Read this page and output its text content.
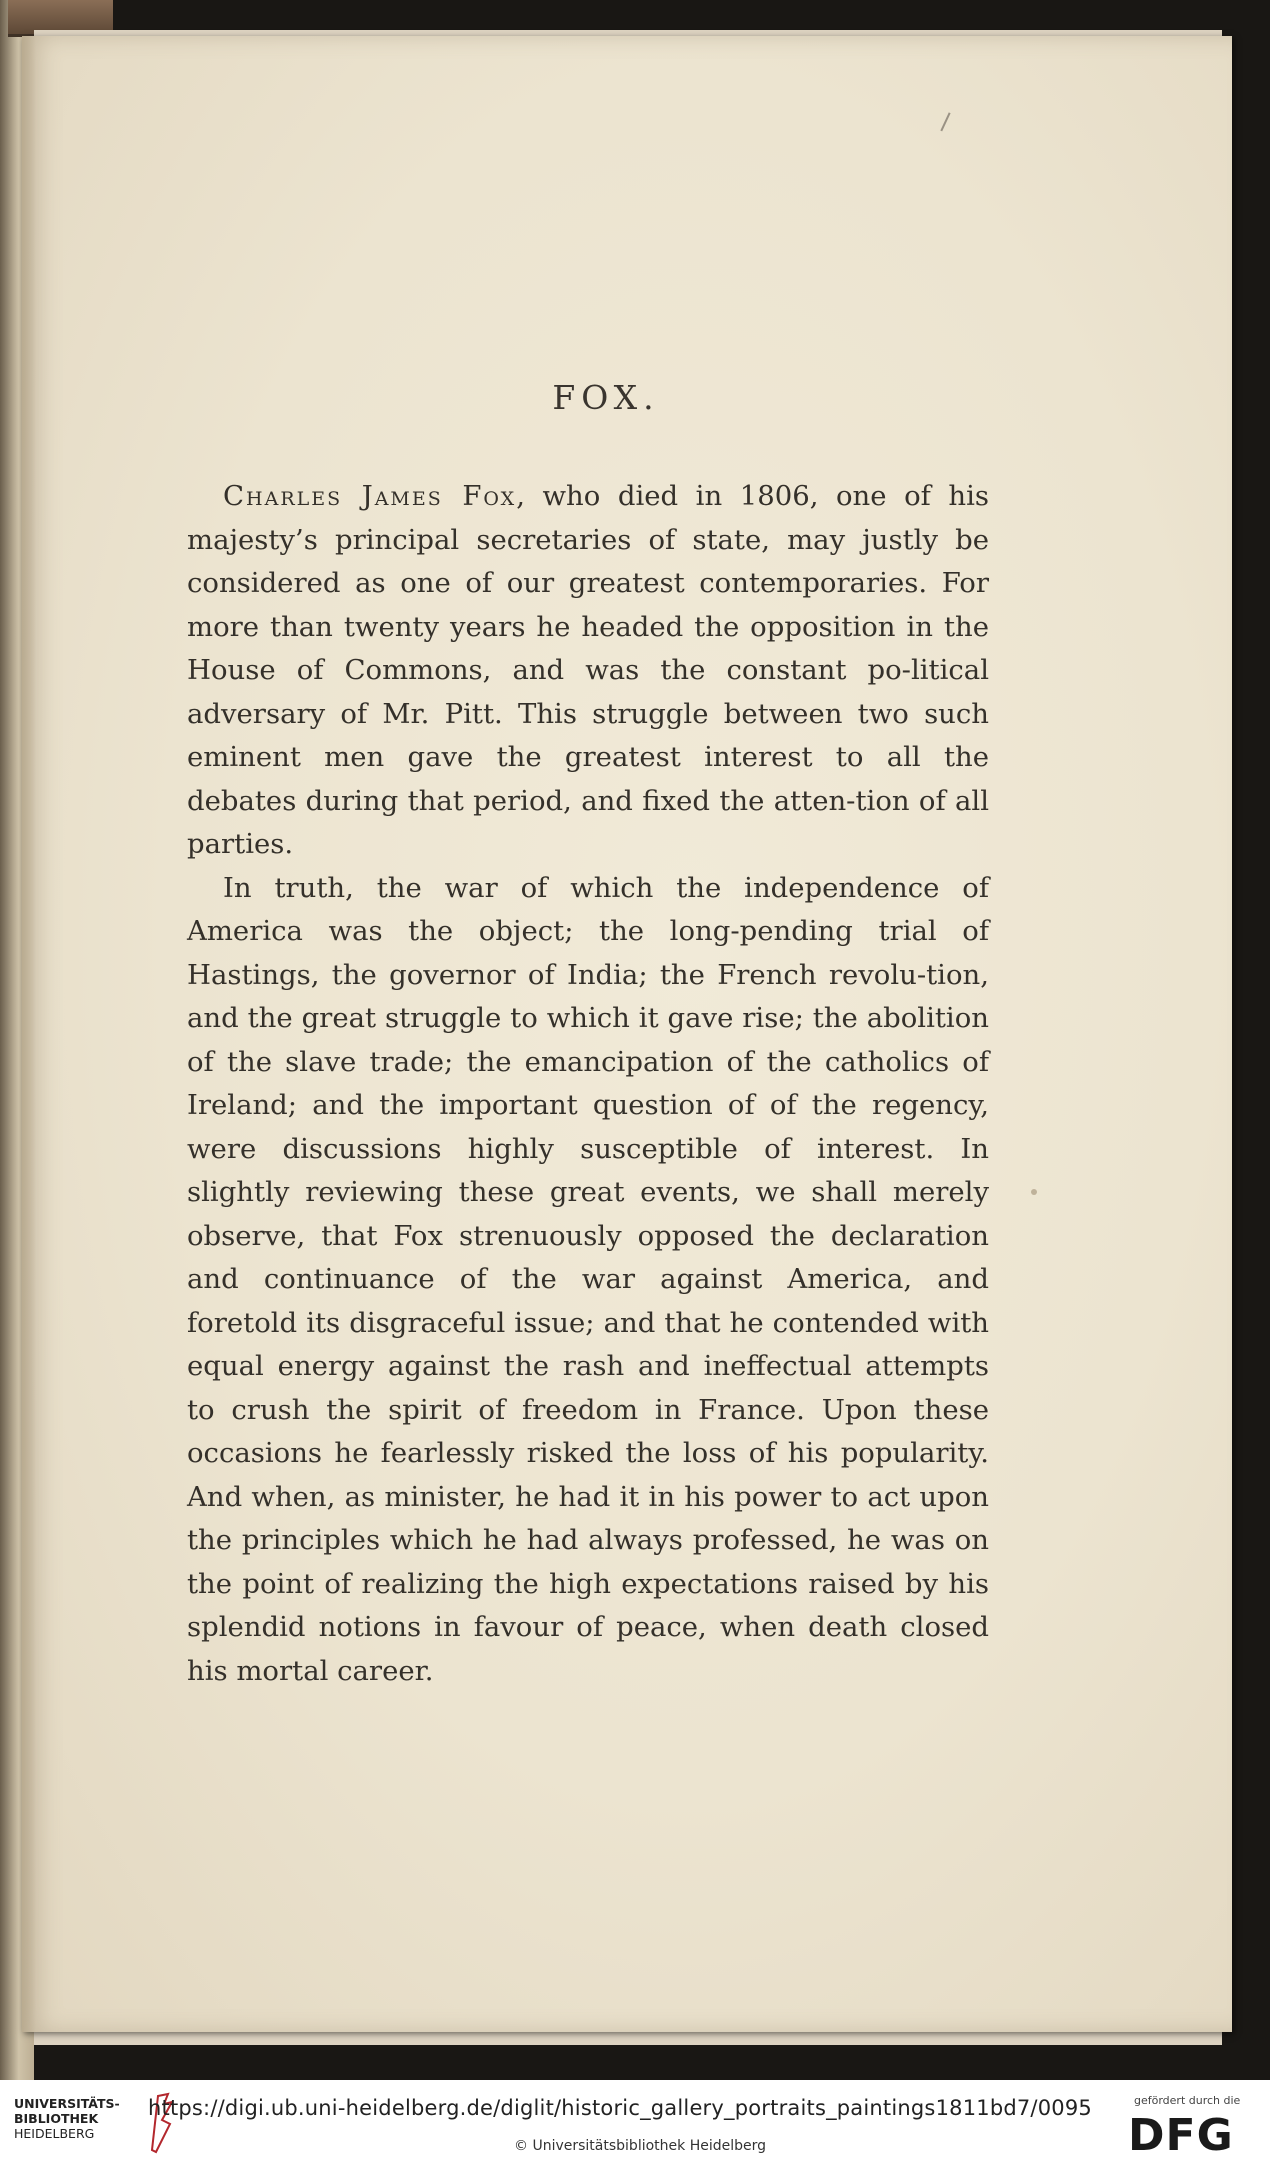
FOX.

Charles James Fox, who died in 1806, one of his majesty’s principal secretaries of state, may justly be considered as one of our greatest contemporaries. For more than twenty years he headed the opposition in the House of Commons, and was the constant po-litical adversary of Mr. Pitt. This struggle between two such eminent men gave the greatest interest to all the debates during that period, and fixed the atten-tion of all parties.

In truth, the war of which the independence of America was the object; the long-pending trial of Hastings, the governor of India; the French revolu-tion, and the great struggle to which it gave rise; the abolition of the slave trade; the emancipation of the catholics of Ireland; and the important question of of the regency, were discussions highly susceptible of interest. In slightly reviewing these great events, we shall merely observe, that Fox strenuously opposed the declaration and continuance of the war against America, and foretold its disgraceful issue; and that he contended with equal energy against the rash and ineffectual attempts to crush the spirit of freedom in France. Upon these occasions he fearlessly risked the loss of his popularity. And when, as minister, he had it in his power to act upon the principles which he had always professed, he was on the point of realizing the high expectations raised by his splendid notions in favour of peace, when death closed his mortal career.

UNIVERSITÄTS-
BIBLIOTHEK
HEIDELBERG
https://digi.ub.uni-heidelberg.de/diglit/historic_gallery_portraits_paintings1811bd7/0095
© Universitätsbibliothek Heidelberg
gefördert durch die
DFG
